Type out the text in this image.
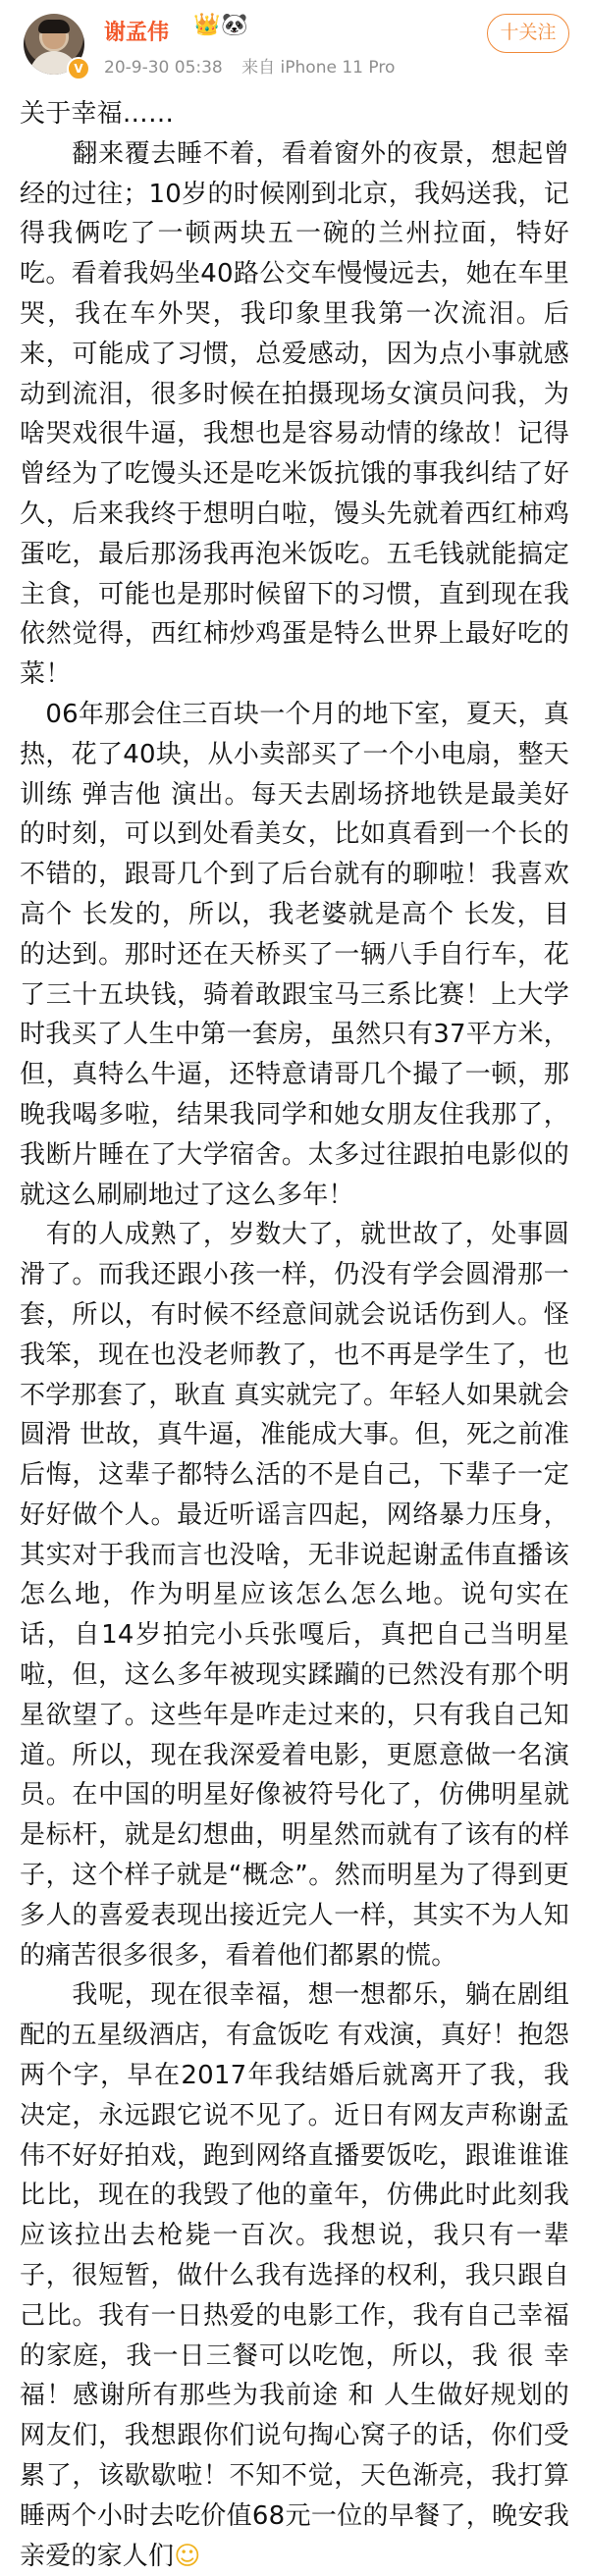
V
谢孟伟 👑 🐼
20-9-30 05:38 来自 iPhone 11 Pro
十关注

关于幸福……

　　翻来覆去睡不着，看着窗外的夜景，想起曾经的过往；10岁的时候刚到北京，我妈送我，记得我俩吃了一顿两块五一碗的兰州拉面，特好吃。看着我妈坐40路公交车慢慢远去，她在车里哭，我在车外哭，我印象里我第一次流泪。后来，可能成了习惯，总爱感动，因为点小事就感动到流泪，很多时候在拍摄现场女演员问我，为啥哭戏很牛逼，我想也是容易动情的缘故！记得曾经为了吃馒头还是吃米饭抗饿的事我纠结了好久，后来我终于想明白啦，馒头先就着西红柿鸡蛋吃，最后那汤我再泡米饭吃。五毛钱就能搞定主食，可能也是那时候留下的习惯，直到现在我依然觉得，西红柿炒鸡蛋是特么世界上最好吃的菜！

　06年那会住三百块一个月的地下室，夏天，真热，花了40块，从小卖部买了一个小电扇，整天训练 弹吉他 演出。每天去剧场挤地铁是最美好的时刻，可以到处看美女，比如真看到一个长的不错的，跟哥几个到了后台就有的聊啦！我喜欢高个 长发的，所以，我老婆就是高个 长发，目的达到。那时还在天桥买了一辆八手自行车，花了三十五块钱，骑着敢跟宝马三系比赛！上大学时我买了人生中第一套房，虽然只有37平方米，但，真特么牛逼，还特意请哥几个撮了一顿，那晚我喝多啦，结果我同学和她女朋友住我那了，我断片睡在了大学宿舍。太多过往跟拍电影似的就这么刷刷地过了这么多年！

　有的人成熟了，岁数大了，就世故了，处事圆滑了。而我还跟小孩一样，仍没有学会圆滑那一套，所以，有时候不经意间就会说话伤到人。怪我笨，现在也没老师教了，也不再是学生了，也不学那套了，耿直 真实就完了。年轻人如果就会圆滑 世故，真牛逼，准能成大事。但，死之前准后悔，这辈子都特么活的不是自己，下辈子一定好好做个人。最近听谣言四起，网络暴力压身，其实对于我而言也没啥，无非说起谢孟伟直播该怎么地，作为明星应该怎么怎么地。说句实在话，自14岁拍完小兵张嘎后，真把自己当明星啦，但，这么多年被现实蹂躏的已然没有那个明星欲望了。这些年是咋走过来的，只有我自己知道。所以，现在我深爱着电影，更愿意做一名演员。在中国的明星好像被符号化了，仿佛明星就是标杆，就是幻想曲，明星然而就有了该有的样子，这个样子就是“概念”。然而明星为了得到更多人的喜爱表现出接近完人一样，其实不为人知的痛苦很多很多，看着他们都累的慌。

　　我呢，现在很幸福，想一想都乐，躺在剧组配的五星级酒店，有盒饭吃 有戏演，真好！抱怨两个字，早在2017年我结婚后就离开了我，我决定，永远跟它说不见了。近日有网友声称谢孟伟不好好拍戏，跑到网络直播要饭吃，跟谁谁谁比比，现在的我毁了他的童年，仿佛此时此刻我应该拉出去枪毙一百次。我想说，我只有一辈子，很短暂，做什么我有选择的权利，我只跟自己比。我有一日热爱的电影工作，我有自己幸福的家庭，我一日三餐可以吃饱，所以，我 很 幸 福！感谢所有那些为我前途 和 人生做好规划的网友们，我想跟你们说句掏心窝子的话，你们受累了，该歇歇啦！不知不觉，天色渐亮，我打算睡两个小时去吃价值68元一位的早餐了，晚安我亲爱的家人们☺
